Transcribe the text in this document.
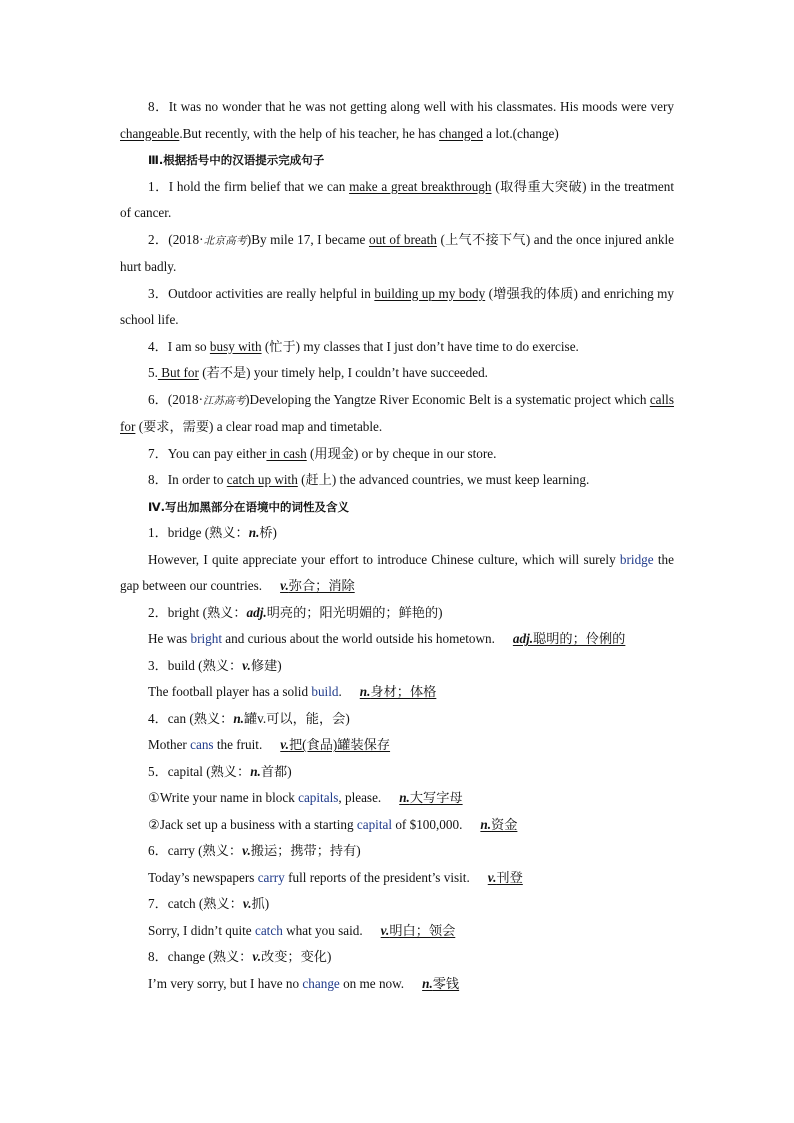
8．It was no wonder that he was not getting along well with his classmates. His moods were very changeable.But recently, with the help of his teacher, he has changed a lot.(change)

Ⅲ.根据括号中的汉语提示完成句子

1．I hold the firm belief that we can make a great breakthrough (取得重大突破) in the treatment of cancer.

2．(2018·北京高考)By mile 17, I became out of breath (上气不接下气) and the once injured ankle hurt badly.

3．Outdoor activities are really helpful in building up my body (增强我的体质) and enriching my school life.

4．I am so busy with (忙于) my classes that I just don’t have time to do exercise.

5. But for (若不是) your timely help, I couldn’t have succeeded.

6．(2018·江苏高考)Developing the Yangtze River Economic Belt is a systematic project which calls for (要求，需要) a clear road map and timetable.

7．You can pay either in cash (用现金) or by cheque in our store.

8．In order to catch up with (赶上) the advanced countries, we must keep learning.

Ⅳ.写出加黑部分在语境中的词性及含义

1．bridge (熟义：n.桥)

However, I quite appreciate your effort to introduce Chinese culture, which will surely bridge the gap between our countries. v.弥合；消除

2．bright (熟义：adj.明亮的；阳光明媚的；鲜艳的)

He was bright and curious about the world outside his hometown. adj.聪明的；伶俐的

3．build (熟义：v.修建)

The football player has a solid build. n.身材；体格

4．can (熟义：n.罐v.可以，能，会)

Mother cans the fruit. v.把(食品)罐装保存

5．capital (熟义：n.首都)

①Write your name in block capitals, please. n.大写字母

②Jack set up a business with a starting capital of $100,000. n.资金

6．carry (熟义：v.搬运；携带；持有)

Today’s newspapers carry full reports of the president’s visit. v.刊登

7．catch (熟义：v.抓)

Sorry, I didn’t quite catch what you said. v.明白；领会

8．change (熟义：v.改变；变化)

I’m very sorry, but I have no change on me now. n.零钱
